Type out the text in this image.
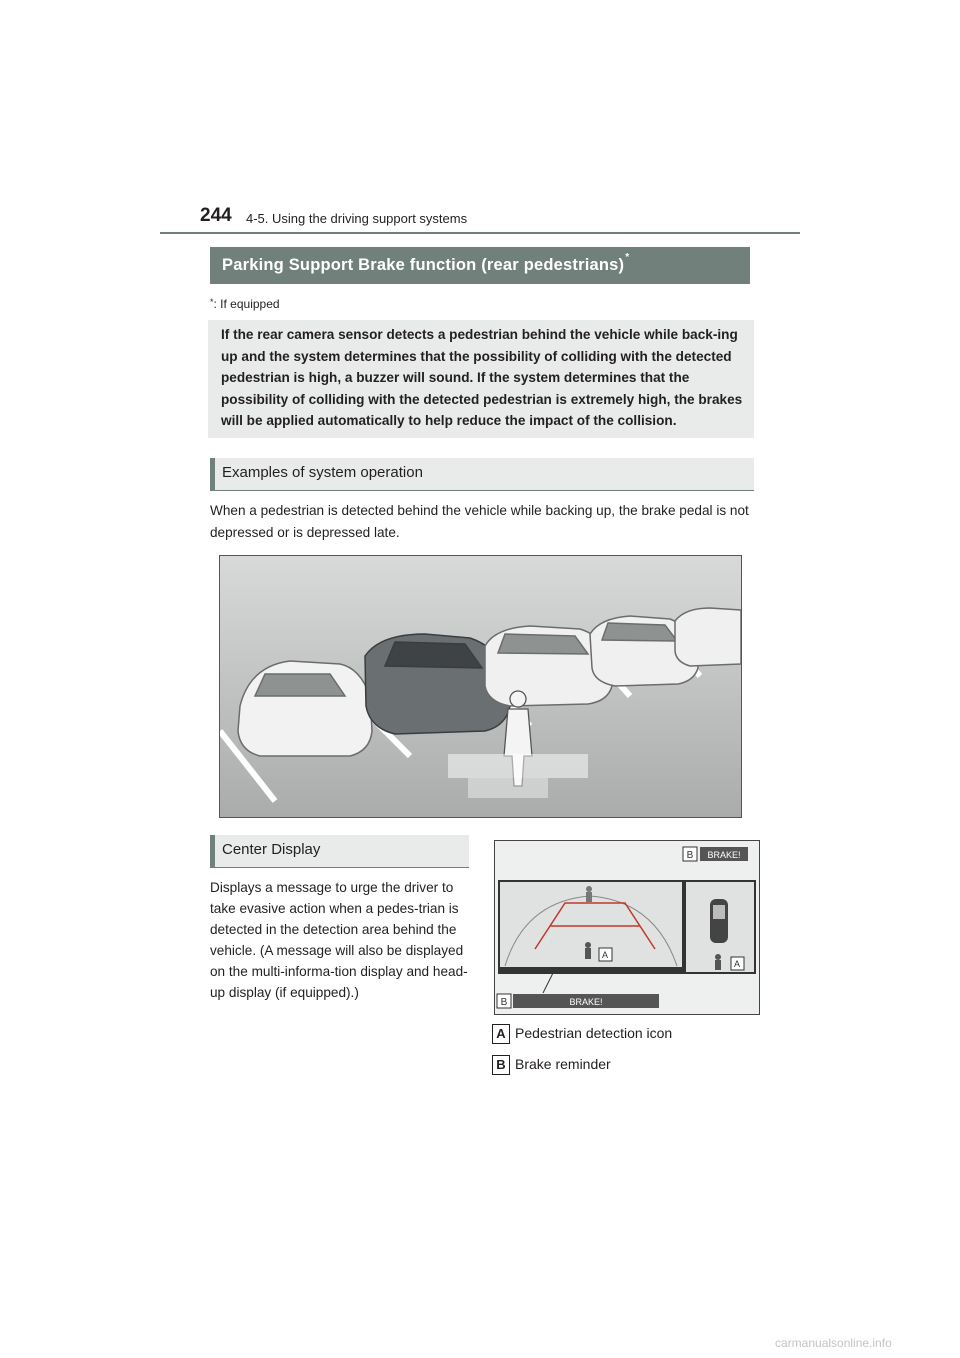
244 4-5. Using the driving support systems
Parking Support Brake function (rear pedestrians)*
*: If equipped
If the rear camera sensor detects a pedestrian behind the vehicle while back-ing up and the system determines that the possibility of colliding with the detected pedestrian is high, a buzzer will sound. If the system determines that the possibility of colliding with the detected pedestrian is extremely high, the brakes will be applied automatically to help reduce the impact of the collision.
Examples of system operation
When a pedestrian is detected behind the vehicle while backing up, the brake pedal is not depressed or is depressed late.
Center Display
Displays a message to urge the driver to take evasive action when a pedes-trian is detected in the detection area behind the vehicle. (A message will also be displayed on the multi-informa-tion display and head-up display (if equipped).)
B BRAKE!
A
A
B	BRAKE!
A Pedestrian detection icon
B Brake reminder
carmanualsonline.info
